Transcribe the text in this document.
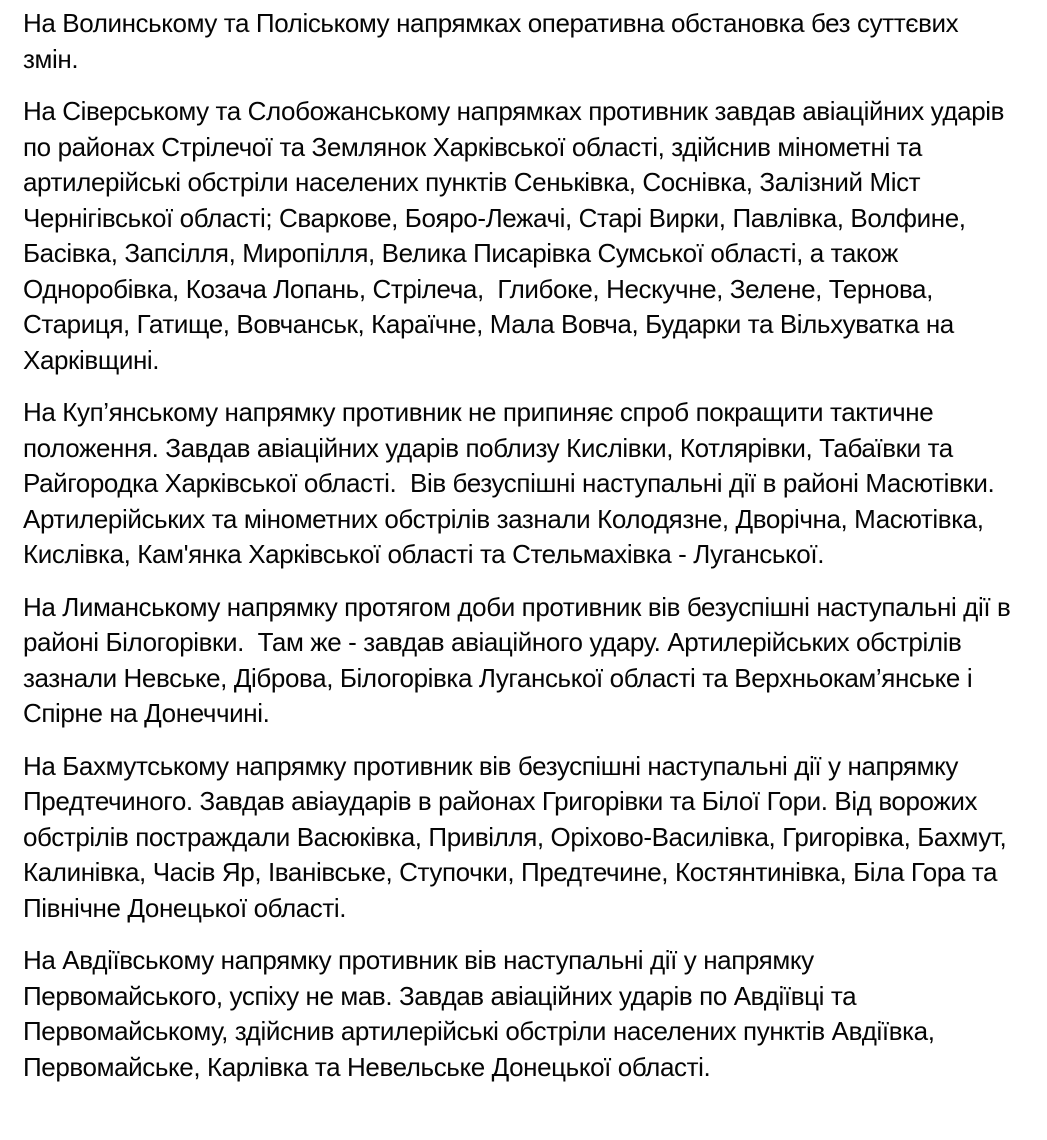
На Волинському та Поліському напрямках оперативна обстановка без суттєвих змін.

На Сіверському та Слобожанському напрямках противник завдав авіаційних ударів по районах Стрілечої та Землянок Харківської області, здійснив мінометні та артилерійські обстріли населених пунктів Сеньківка, Соснівка, Залізний Міст Чернігівської області; Сваркове, Бояро-Лежачі, Старі Вирки, Павлівка, Волфине, Басівка, Запсілля, Миропілля, Велика Писарівка Сумської області, а також Одноробівка, Козача Лопань, Стрілеча,  Глибоке, Нескучне, Зелене, Тернова, Стариця, Гатище, Вовчанськ, Караїчне, Мала Вовча, Бударки та Вільхуватка на Харківщині.

На Куп’янському напрямку противник не припиняє спроб покращити тактичне положення. Завдав авіаційних ударів поблизу Кислівки, Котлярівки, Табаївки та Райгородка Харківської області.  Вів безуспішні наступальні дії в районі Масютівки.  Артилерійських та мінометних обстрілів зазнали Колодязне, Дворічна, Масютівка, Кислівка, Кам'янка Харківської області та Стельмахівка - Луганської.

На Лиманському напрямку протягом доби противник вів безуспішні наступальні дії в районі Білогорівки.  Там же - завдав авіаційного удару. Артилерійських обстрілів зазнали Невське, Діброва, Білогорівка Луганської області та Верхньокам’янське і Спірне на Донеччині.

На Бахмутському напрямку противник вів безуспішні наступальні дії у напрямку Предтечиного. Завдав авіаударів в районах Григорівки та Білої Гори. Від ворожих обстрілів постраждали Васюківка, Привілля, Оріхово-Василівка, Григорівка, Бахмут, Калинівка, Часів Яр, Іванівське, Ступочки, Предтечине, Костянтинівка, Біла Гора та Північне Донецької області.

На Авдіївському напрямку противник вів наступальні дії у напрямку Первомайського, успіху не мав. Завдав авіаційних ударів по Авдіївці та Первомайському, здійснив артилерійські обстріли населених пунктів Авдіївка, Первомайське, Карлівка та Невельське Донецької області.
